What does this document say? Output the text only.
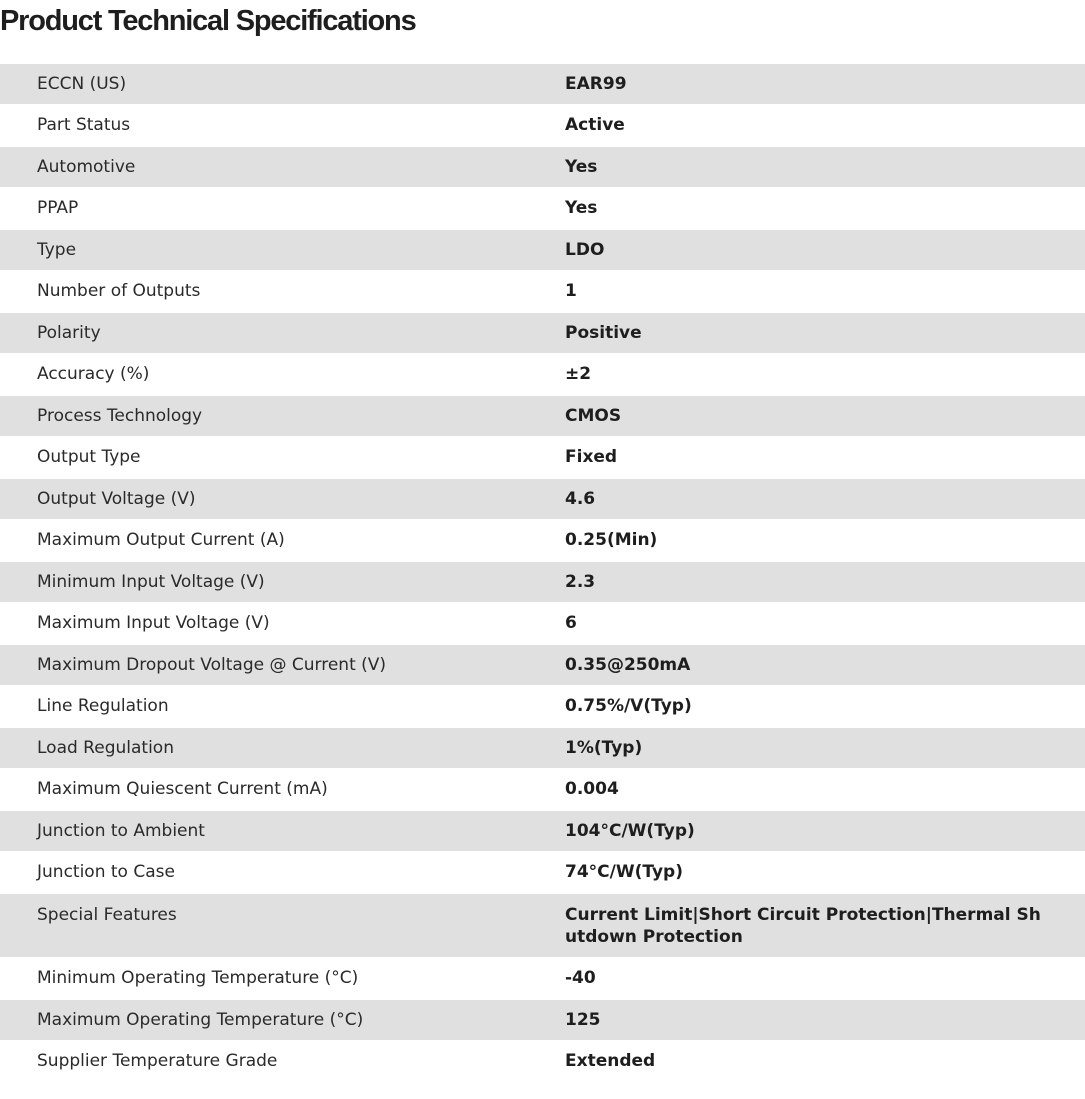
Product Technical Specifications
ECCN (US)	EAR99
Part Status	Active
Automotive	Yes
PPAP	Yes
Type	LDO
Number of Outputs	1
Polarity	Positive
Accuracy (%)	±2
Process Technology	CMOS
Output Type	Fixed
Output Voltage (V)	4.6
Maximum Output Current (A)	0.25(Min)
Minimum Input Voltage (V)	2.3
Maximum Input Voltage (V)	6
Maximum Dropout Voltage @ Current (V)	0.35@250mA
Line Regulation	0.75%/V(Typ)
Load Regulation	1%(Typ)
Maximum Quiescent Current (mA)	0.004
Junction to Ambient	104°C/W(Typ)
Junction to Case	74°C/W(Typ)
Special Features	Current Limit|Short Circuit Protection|Thermal Shutdown Protection
Minimum Operating Temperature (°C)	-40
Maximum Operating Temperature (°C)	125
Supplier Temperature Grade	Extended
